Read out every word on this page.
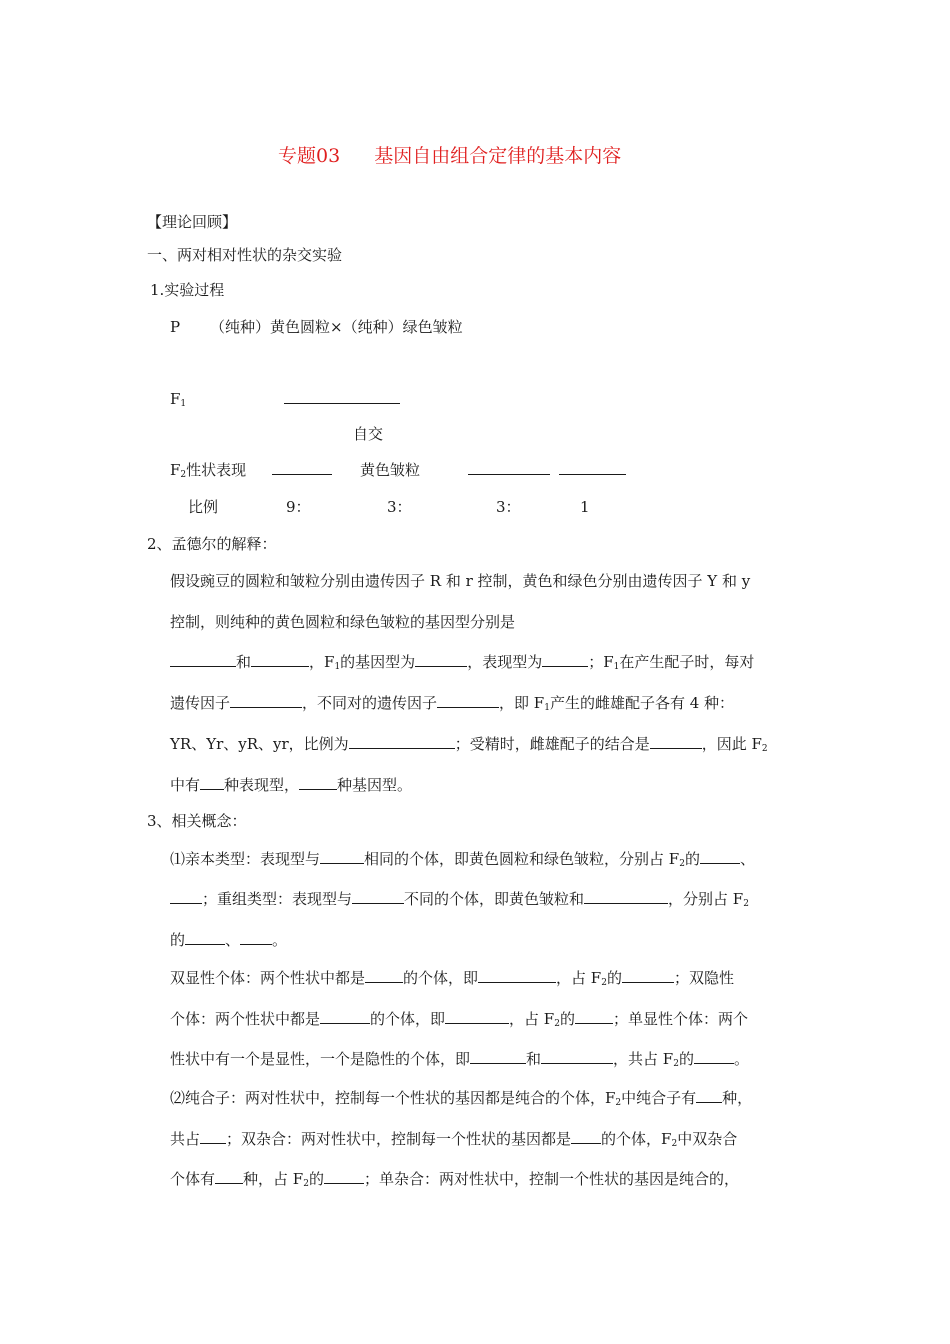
专题03 基因自由组合定律的基本内容
【理论回顾】
一、两对相对性状的杂交实验
1.实验过程
P （纯种）黄色圆粒×（纯种）绿色皱粒
$F_1$
自交
$F_2$性状表现	黄色皱粒
比例	9：	3：	3：	1
2、孟德尔的解释：
假设豌豆的圆粒和皱粒分别由遗传因子 R 和 r 控制，黄色和绿色分别由遗传因子 Y 和 y
控制，则纯种的黄色圆粒和绿色皱粒的基因型分别是
和	，$F_1$的基因型为	，表现型为	；$F_1$在产生配子时，每对
遗传因子	，不同对的遗传因子	，即 $F_1$产生的雌雄配子各有 4 种：
YR、Yr、yR、yr，比例为	；受精时，雌雄配子的结合是	，因此 $F_2$
中有 种表现型，	种基因型。
3、相关概念：
⑴亲本类型：表现型与	相同的个体，即黄色圆粒和绿色皱粒，分别占 $F_2$的	、
；重组类型：表现型与	不同的个体，即黄色皱粒和	，分别占 $F_2$
的	、 。
双显性个体：两个性状中都是	的个体，即	，占 $F_2$的	；双隐性
个体：两个性状中都是	的个体，即	，占 $F_2$的	；单显性个体：两个
性状中有一个是显性，一个是隐性的个体，即	和	，共占 $F_2$的	。
⑵纯合子：两对性状中，控制每一个性状的基因都是纯合的个体，$F_2$中纯合子有 种，
共占 ；双杂合：两对性状中，控制每一个性状的基因都是 的个体，$F_2$中双杂合
个体有 种，占 $F_2$的	；单杂合：两对性状中，控制一个性状的基因是纯合的，
